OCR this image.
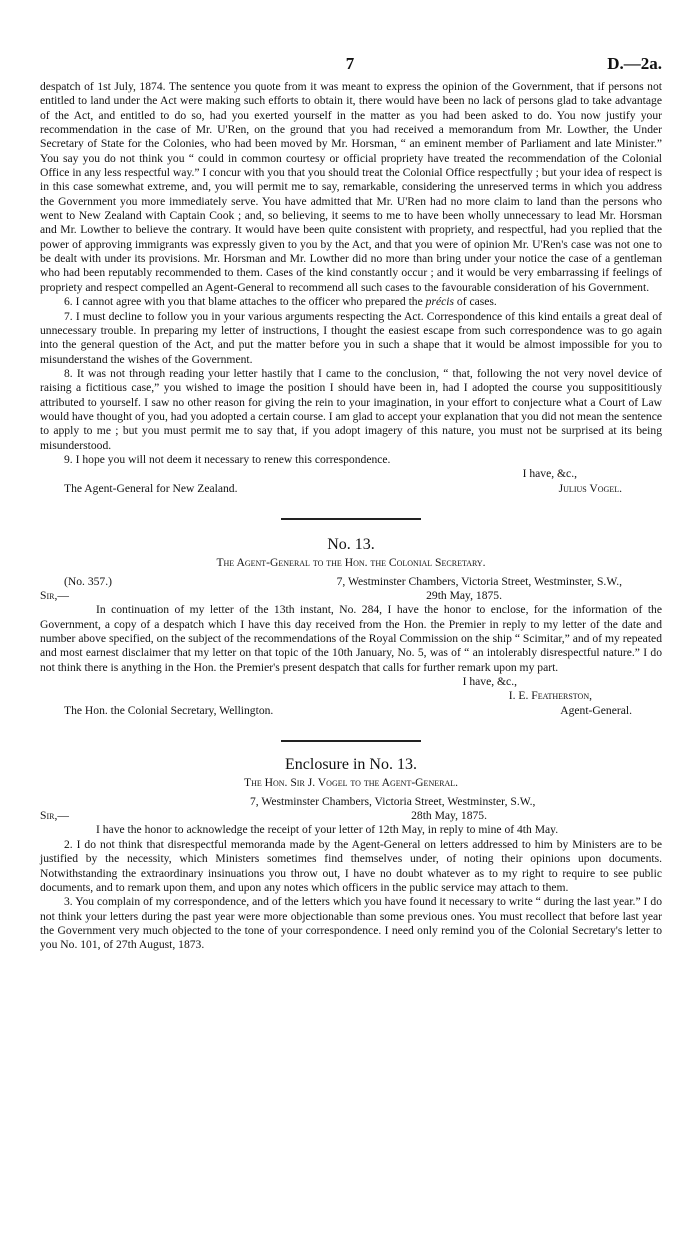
7	D.—2a.

despatch of 1st July, 1874. The sentence you quote from it was meant to express the opinion of the Government, that if persons not entitled to land under the Act were making such efforts to obtain it, there would have been no lack of persons glad to take advantage of the Act, and entitled to do so, had you exerted yourself in the matter as you had been asked to do. You now justify your recommendation in the case of Mr. U'Ren, on the ground that you had received a memorandum from Mr. Lowther, the Under Secretary of State for the Colonies, who had been moved by Mr. Horsman, “ an eminent member of Parliament and late Minister.” You say you do not think you “ could in common courtesy or official propriety have treated the recommendation of the Colonial Office in any less respectful way.” I concur with you that you should treat the Colonial Office respectfully ; but your idea of respect is in this case somewhat extreme, and, you will permit me to say, remarkable, considering the unreserved terms in which you address the Government you more immediately serve. You have admitted that Mr. U'Ren had no more claim to land than the persons who went to New Zealand with Captain Cook ; and, so believing, it seems to me to have been wholly unnecessary to lead Mr. Horsman and Mr. Lowther to believe the contrary. It would have been quite consistent with propriety, and respectful, had you replied that the power of approving immigrants was expressly given to you by the Act, and that you were of opinion Mr. U'Ren's case was not one to be dealt with under its provisions. Mr. Horsman and Mr. Lowther did no more than bring under your notice the case of a gentleman who had been reputably recommended to them. Cases of the kind constantly occur ; and it would be very embarrassing if feelings of propriety and respect compelled an Agent-General to recommend all such cases to the favourable consideration of his Government.

6. I cannot agree with you that blame attaches to the officer who prepared the précis of cases.

7. I must decline to follow you in your various arguments respecting the Act. Correspondence of this kind entails a great deal of unnecessary trouble. In preparing my letter of instructions, I thought the easiest escape from such correspondence was to go again into the general question of the Act, and put the matter before you in such a shape that it would be almost impossible for you to misunderstand the wishes of the Government.

8. It was not through reading your letter hastily that I came to the conclusion, “ that, following the not very novel device of raising a fictitious case,” you wished to image the position I should have been in, had I adopted the course you supposititiously attributed to yourself. I saw no other reason for giving the rein to your imagination, in your effort to conjecture what a Court of Law would have thought of you, had you adopted a certain course. I am glad to accept your explanation that you did not mean the sentence to apply to me ; but you must permit me to say that, if you adopt imagery of this nature, you must not be surprised at its being misunderstood.

9. I hope you will not deem it necessary to renew this correspondence.

I have, &c.,

The Agent-General for New Zealand.	Julius Vogel.
No. 13.
The Agent-General to the Hon. the Colonial Secretary.
(No. 357.)	7, Westminster Chambers, Victoria Street, Westminster, S.W.,
Sir,—	29th May, 1875.

In continuation of my letter of the 13th instant, No. 284, I have the honor to enclose, for the information of the Government, a copy of a despatch which I have this day received from the Hon. the Premier in reply to my letter of the date and number above specified, on the subject of the recommendations of the Royal Commission on the ship “ Scimitar,” and of my repeated and most earnest disclaimer that my letter on that topic of the 10th January, No. 5, was of “ an intolerably disrespectful nature.” I do not think there is anything in the Hon. the Premier's present despatch that calls for further remark upon my part.

I have, &c.,

I. E. Featherston,

The Hon. the Colonial Secretary, Wellington.	Agent-General.
Enclosure in No. 13.
The Hon. Sir J. Vogel to the Agent-General.
7, Westminster Chambers, Victoria Street, Westminster, S.W.,
Sir,—	28th May, 1875.

I have the honor to acknowledge the receipt of your letter of 12th May, in reply to mine of 4th May.

2. I do not think that disrespectful memoranda made by the Agent-General on letters addressed to him by Ministers are to be justified by the necessity, which Ministers sometimes find themselves under, of noting their opinions upon documents. Notwithstanding the extraordinary insinuations you throw out, I have no doubt whatever as to my right to require to see public documents, and to remark upon them, and upon any notes which officers in the public service may attach to them.

3. You complain of my correspondence, and of the letters which you have found it necessary to write “ during the last year.” I do not think your letters during the past year were more objectionable than some previous ones. You must recollect that before last year the Government very much objected to the tone of your correspondence. I need only remind you of the Colonial Secretary's letter to you No. 101, of 27th August, 1873.
